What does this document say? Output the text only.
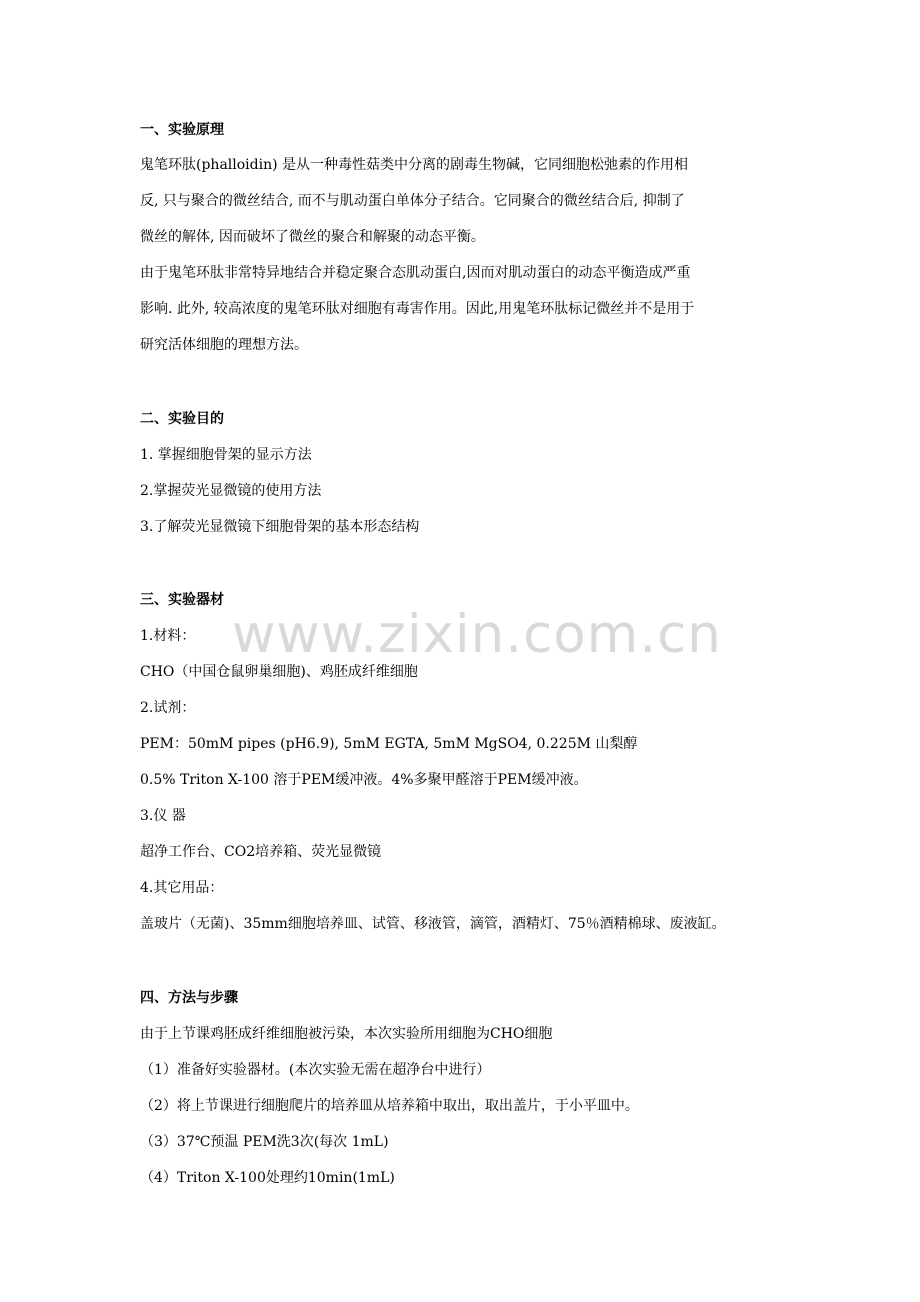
www.zixin.com.cn
一、实验原理
鬼笔环肽(phalloidin) 是从一种毒性菇类中分离的剧毒生物碱，它同细胞松弛素的作用相
反, 只与聚合的微丝结合, 而不与肌动蛋白单体分子结合。它同聚合的微丝结合后, 抑制了
微丝的解体, 因而破坏了微丝的聚合和解聚的动态平衡。
由于鬼笔环肽非常特异地结合并稳定聚合态肌动蛋白,因而对肌动蛋白的动态平衡造成严重
影响. 此外, 较高浓度的鬼笔环肽对细胞有毒害作用。因此,用鬼笔环肽标记微丝并不是用于
研究活体细胞的理想方法。
二、实验目的
1. 掌握细胞骨架的显示方法
2.掌握荧光显微镜的使用方法
3.了解荧光显微镜下细胞骨架的基本形态结构
三、实验器材
1.材料：
CHO（中国仓鼠卵巢细胞)、鸡胚成纤维细胞
2.试剂：
PEM：50mM pipes (pH6.9), 5mM EGTA, 5mM MgSO4, 0.225M 山梨醇
0.5% Triton X-100 溶于PEM缓冲液。4%多聚甲醛溶于PEM缓冲液。
3.仪 器
超净工作台、CO2培养箱、荧光显微镜
4.其它用品：
盖玻片（无菌)、35mm细胞培养皿、试管、移液管，滴管，酒精灯、75％酒精棉球、废液缸。
四、方法与步骤
由于上节课鸡胚成纤维细胞被污染，本次实验所用细胞为CHO细胞
（1）准备好实验器材。(本次实验无需在超净台中进行）
（2）将上节课进行细胞爬片的培养皿从培养箱中取出，取出盖片，于小平皿中。
（3）37℃预温 PEM洗3次(每次 1mL)
（4）Triton X-100处理约10min(1mL)
